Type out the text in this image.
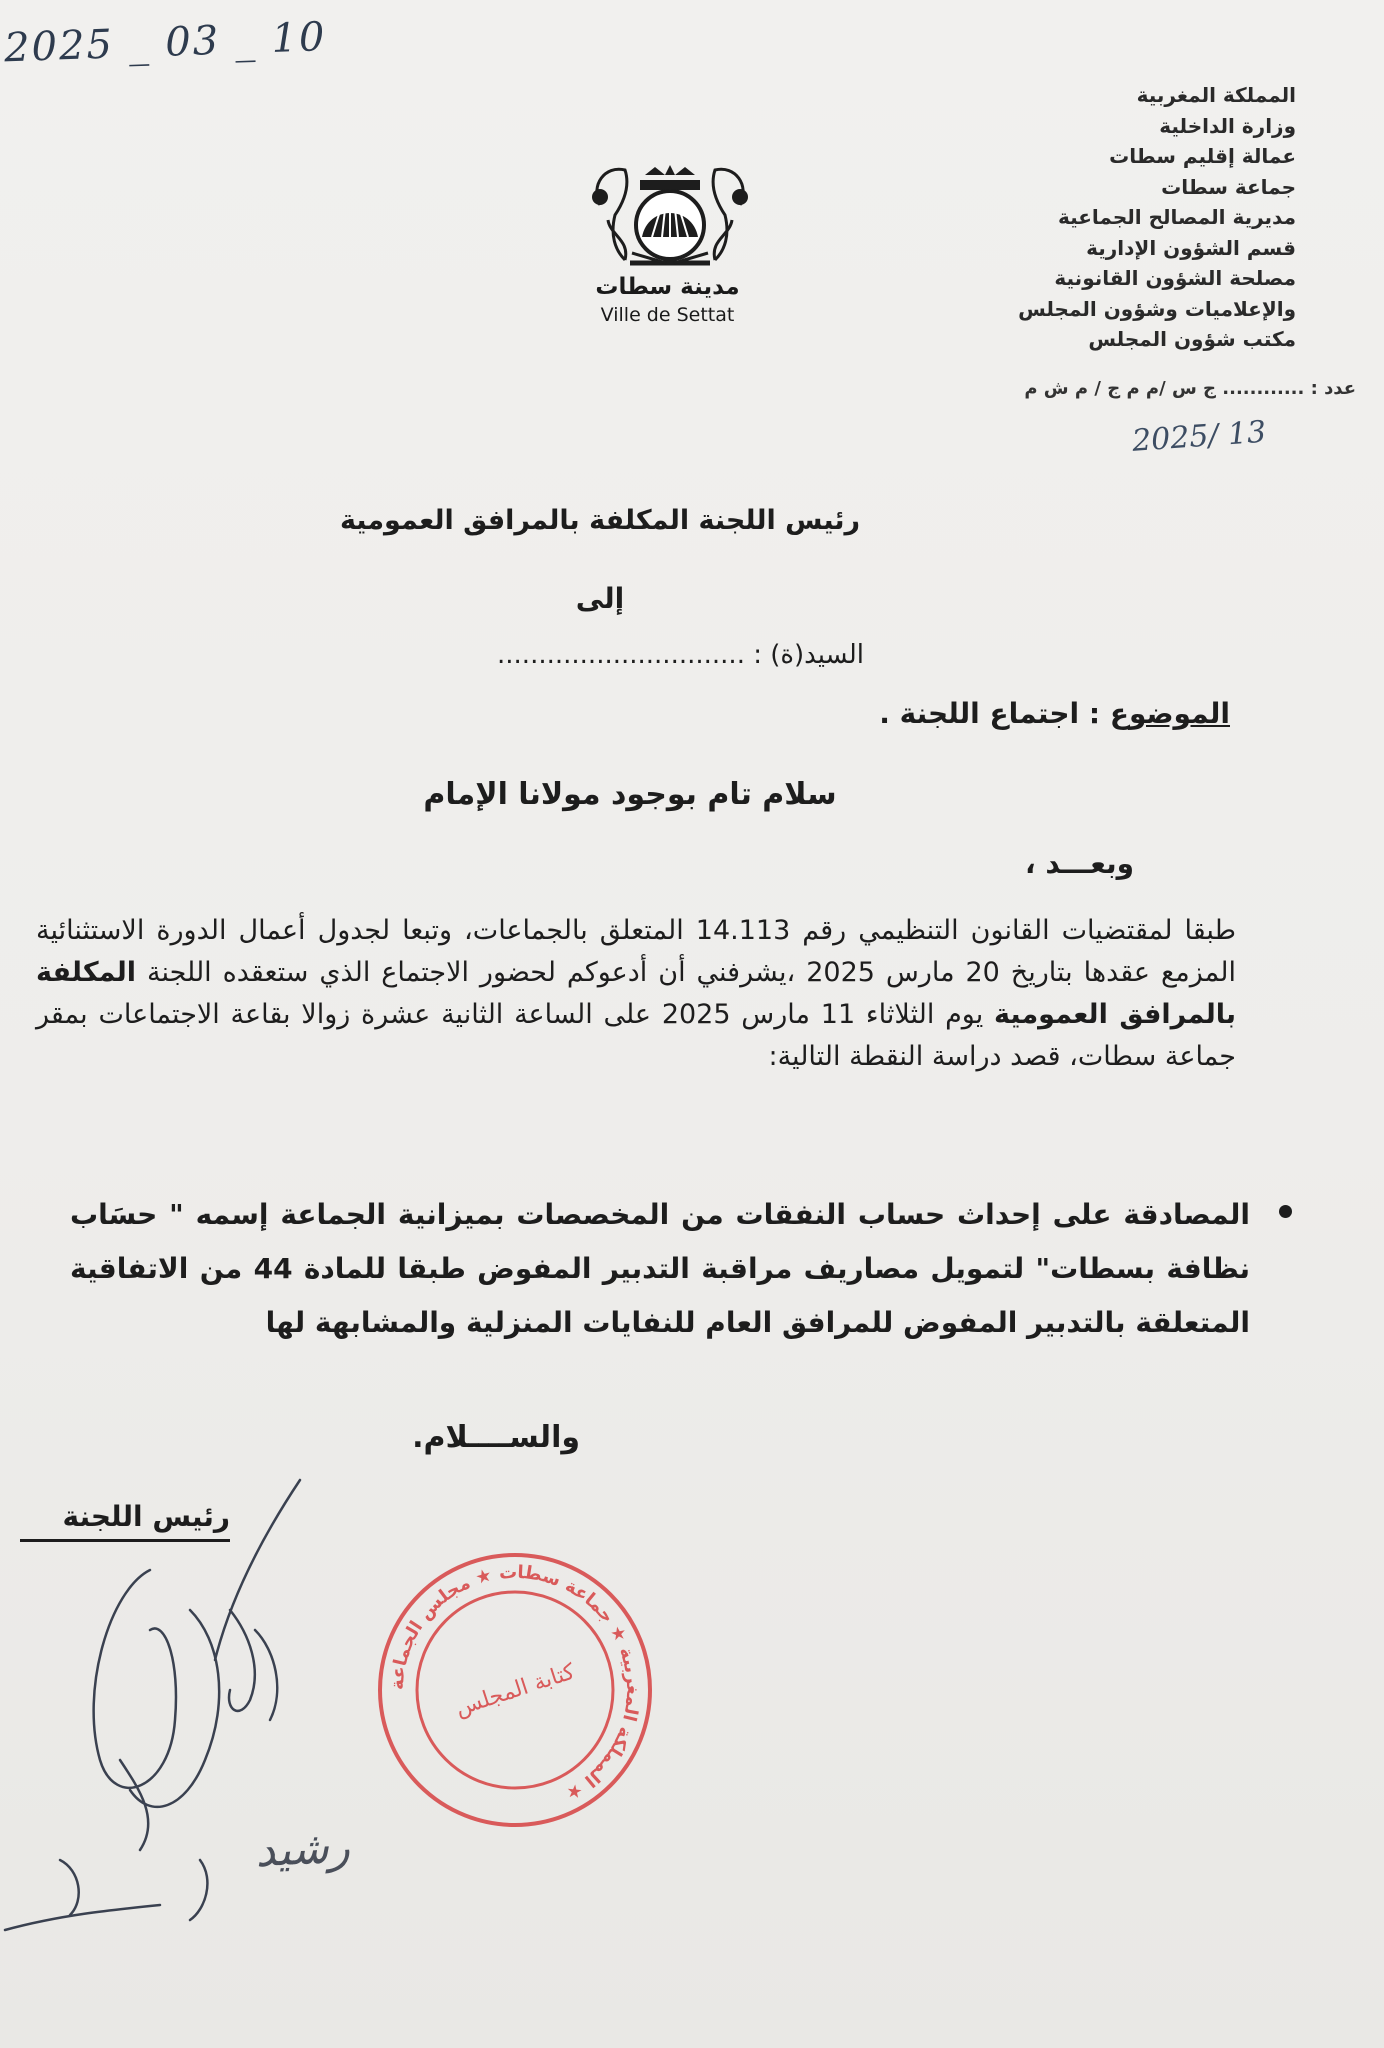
2025 _ 03 _ 10
المملكة المغربية
وزارة الداخلية
عمالة إقليم سطات
جماعة سطات
مديرية المصالح الجماعية
قسم الشؤون الإدارية
مصلحة الشؤون القانونية
والإعلاميات وشؤون المجلس
مكتب شؤون المجلس
مدينة سطات
Ville de Settat
عدد : ............ ج س /م م ج / م ش م
2025/ 13
رئيس اللجنة المكلفة بالمرافق العمومية
إلى
السيد(ة) : ..............................
الموضوع : اجتماع اللجنة .
سلام تام بوجود مولانا الإمام
وبعـــد ،
طبقا لمقتضيات القانون التنظيمي رقم 14.113 المتعلق بالجماعات، وتبعا لجدول أعمال الدورة الاستثنائية المزمع عقدها بتاريخ 20 مارس 2025 ،يشرفني أن أدعوكم لحضور الاجتماع الذي ستعقده اللجنة المكلفة بالمرافق العمومية يوم الثلاثاء 11 مارس 2025 على الساعة الثانية عشرة زوالا بقاعة الاجتماعات بمقر جماعة سطات، قصد دراسة النقطة التالية:
المصادقة على إحداث حساب النفقات من المخصصات بميزانية الجماعة إسمه " حسَاب نظافة بسطات" لتمويل مصاريف مراقبة التدبير المفوض طبقا للمادة 44 من الاتفاقية المتعلقة بالتدبير المفوض للمرافق العام للنفايات المنزلية والمشابهة لها
والســــلام.
رئيس اللجنة
المملكة المغربية ★ جماعة سطات ★ مجلس الجماعة ★
كتابة المجلس
رشيد
